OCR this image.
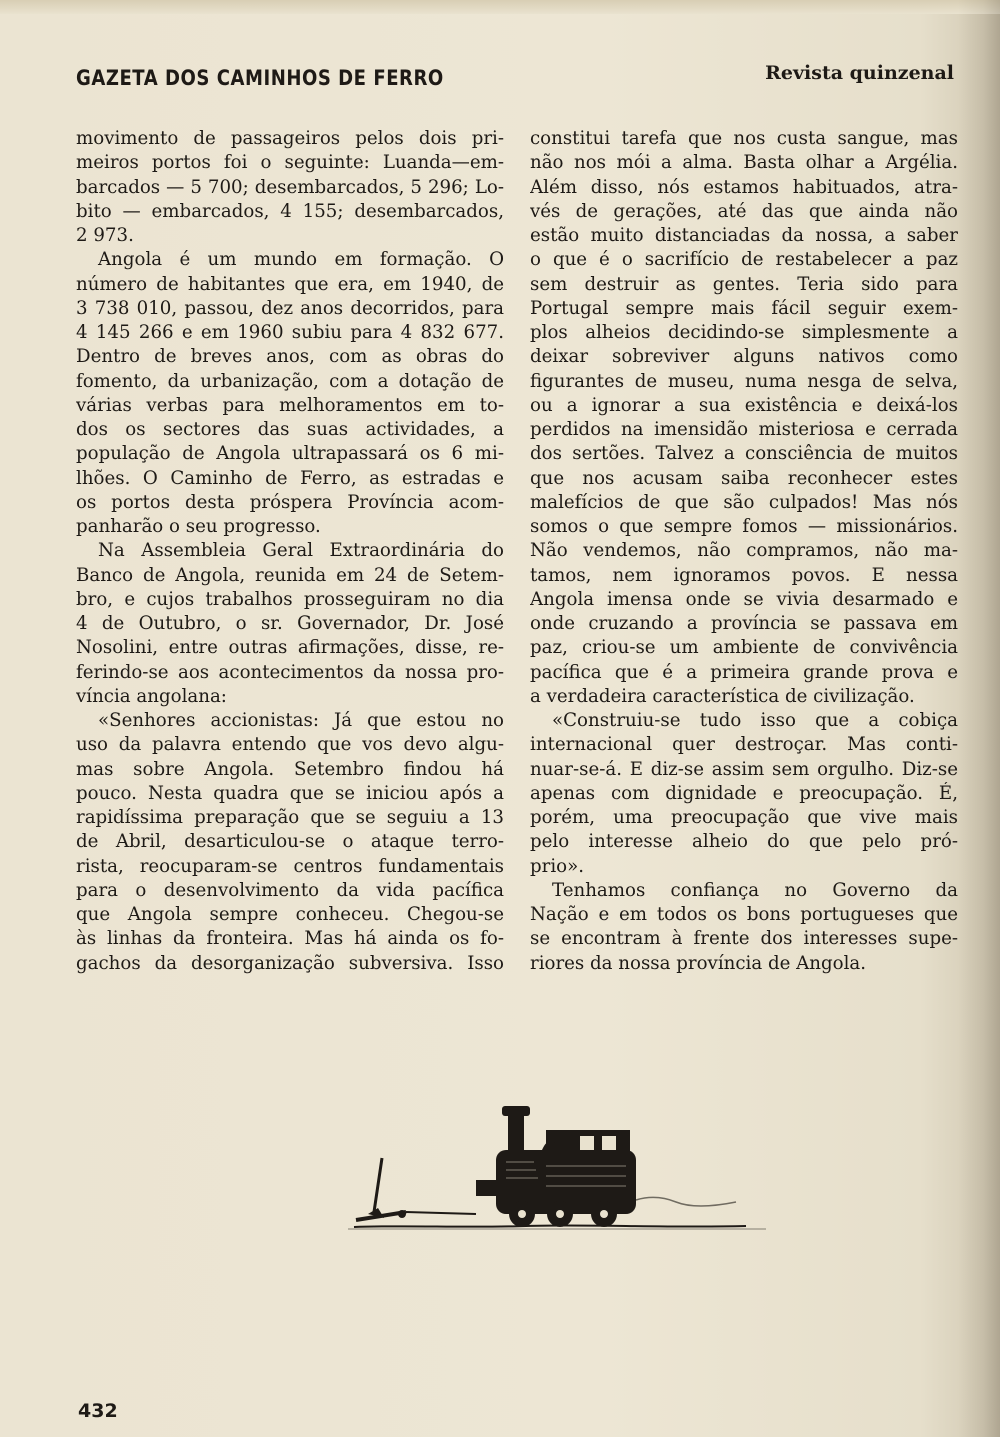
GAZETA DOS CAMINHOS DE FERRO	Revista quinzenal
movimento de passageiros pelos dois pri-
meiros portos foi o seguinte: Luanda—em-
barcados — 5 700; desembarcados, 5 296; Lo-
bito — embarcados, 4 155; desembarcados,
2 973.
Angola é um mundo em formação. O
número de habitantes que era, em 1940, de
3 738 010, passou, dez anos decorridos, para
4 145 266 e em 1960 subiu para 4 832 677.
Dentro de breves anos, com as obras do
fomento, da urbanização, com a dotação de
várias verbas para melhoramentos em to-
dos os sectores das suas actividades, a
população de Angola ultrapassará os 6 mi-
lhões. O Caminho de Ferro, as estradas e
os portos desta próspera Província acom-
panharão o seu progresso.
Na Assembleia Geral Extraordinária do
Banco de Angola, reunida em 24 de Setem-
bro, e cujos trabalhos prosseguiram no dia
4 de Outubro, o sr. Governador, Dr. José
Nosolini, entre outras afirmações, disse, re-
ferindo-se aos acontecimentos da nossa pro-
víncia angolana:
«Senhores accionistas: Já que estou no
uso da palavra entendo que vos devo algu-
mas sobre Angola. Setembro findou há
pouco. Nesta quadra que se iniciou após a
rapidíssima preparação que se seguiu a 13
de Abril, desarticulou-se o ataque terro-
rista, reocuparam-se centros fundamentais
para o desenvolvimento da vida pacífica
que Angola sempre conheceu. Chegou-se
às linhas da fronteira. Mas há ainda os fo-
gachos da desorganização subversiva. Isso
constitui tarefa que nos custa sangue, mas
não nos mói a alma. Basta olhar a Argélia.
Além disso, nós estamos habituados, atra-
vés de gerações, até das que ainda não
estão muito distanciadas da nossa, a saber
o que é o sacrifício de restabelecer a paz
sem destruir as gentes. Teria sido para
Portugal sempre mais fácil seguir exem-
plos alheios decidindo-se simplesmente a
deixar sobreviver alguns nativos como
figurantes de museu, numa nesga de selva,
ou a ignorar a sua existência e deixá-los
perdidos na imensidão misteriosa e cerrada
dos sertões. Talvez a consciência de muitos
que nos acusam saiba reconhecer estes
malefícios de que são culpados! Mas nós
somos o que sempre fomos — missionários.
Não vendemos, não compramos, não ma-
tamos, nem ignoramos povos. E nessa
Angola imensa onde se vivia desarmado e
onde cruzando a província se passava em
paz, criou-se um ambiente de convivência
pacífica que é a primeira grande prova e
a verdadeira característica de civilização.
«Construiu-se tudo isso que a cobiça
internacional quer destroçar. Mas conti-
nuar-se-á. E diz-se assim sem orgulho. Diz-se
apenas com dignidade e preocupação. É,
porém, uma preocupação que vive mais
pelo interesse alheio do que pelo pró-
prio».
Tenhamos confiança no Governo da
Nação e em todos os bons portugueses que
se encontram à frente dos interesses supe-
riores da nossa província de Angola.
432
